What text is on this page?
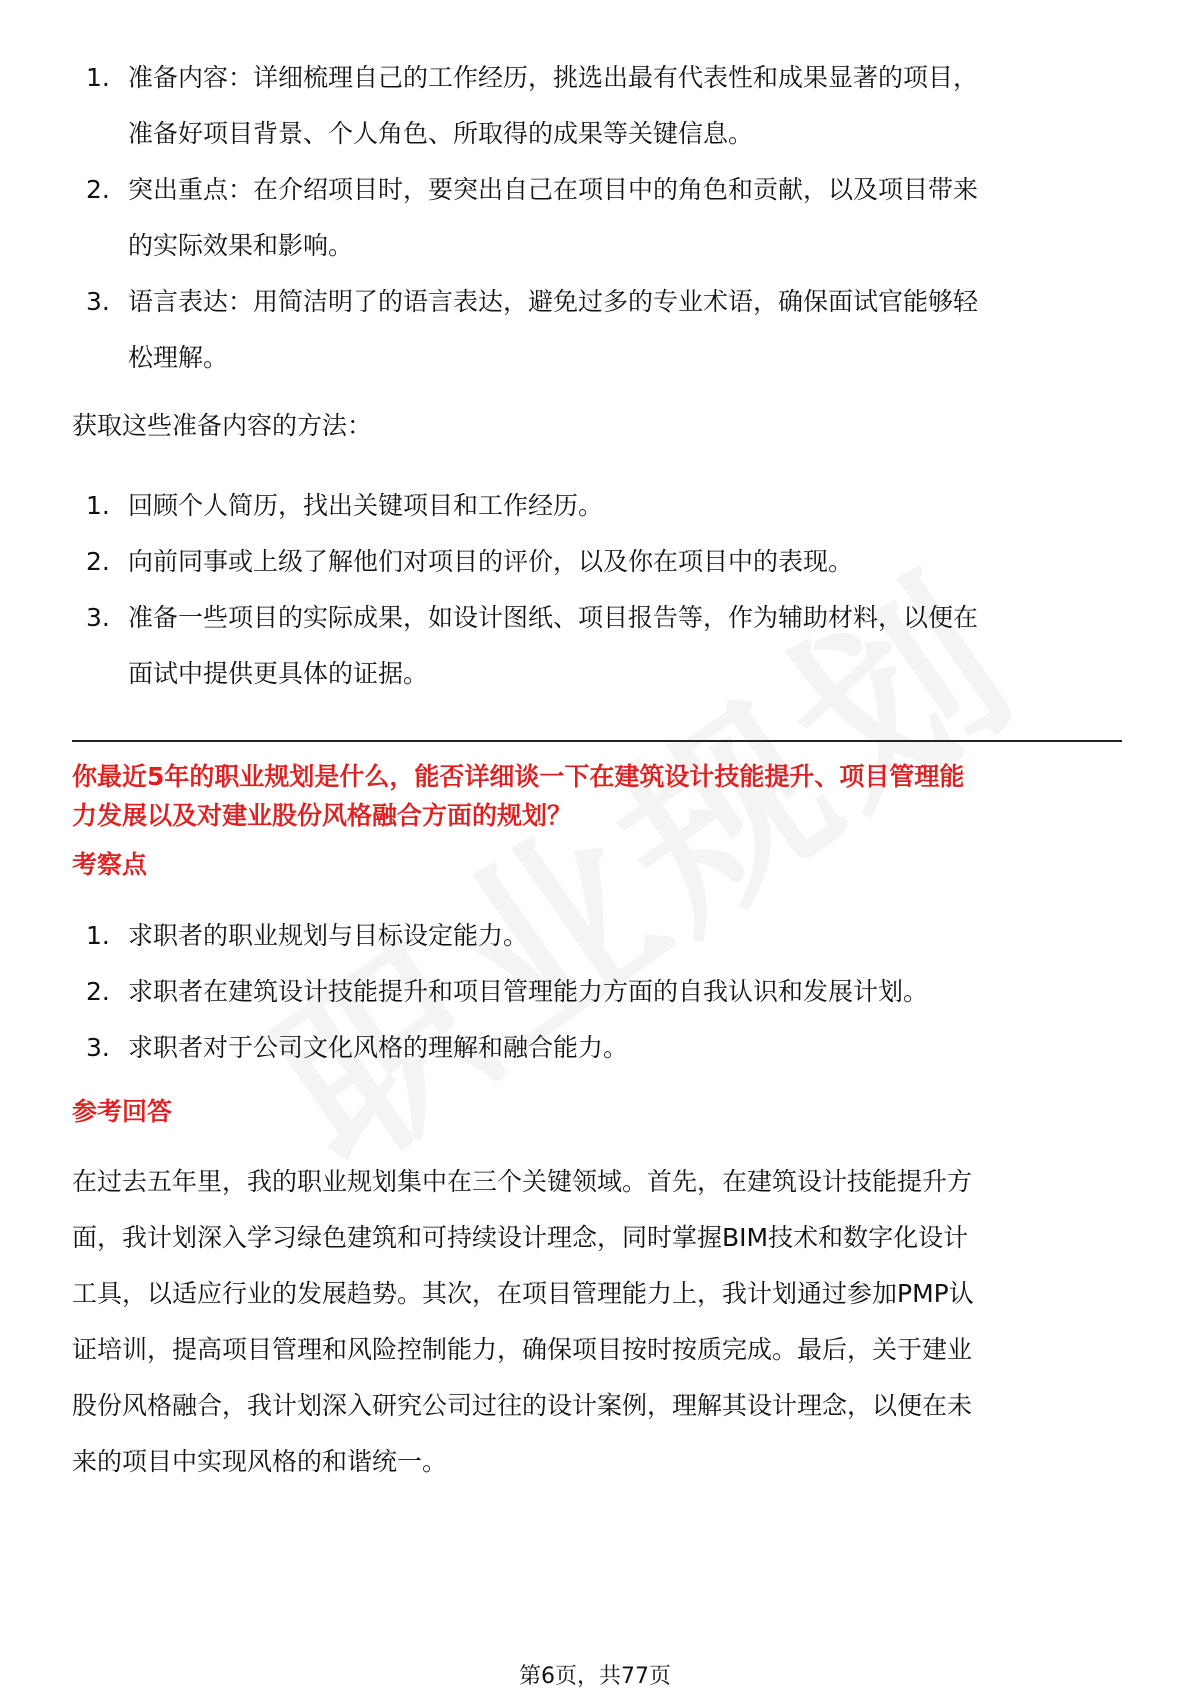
1. 准备内容：详细梳理自己的工作经历，挑选出最有代表性和成果显著的项目，
准备好项目背景、个人角色、所取得的成果等关键信息。
2. 突出重点：在介绍项目时，要突出自己在项目中的角色和贡献，以及项目带来
的实际效果和影响。
3. 语言表达：用简洁明了的语言表达，避免过多的专业术语，确保面试官能够轻
松理解。

获取这些准备内容的方法：

1. 回顾个人简历，找出关键项目和工作经历。
2. 向前同事或上级了解他们对项目的评价，以及你在项目中的表现。
3. 准备一些项目的实际成果，如设计图纸、项目报告等，作为辅助材料，以便在
面试中提供更具体的证据。

你最近5年的职业规划是什么，能否详细谈一下在建筑设计技能提升、项目管理能
力发展以及对建业股份风格融合方面的规划？

考察点

1. 求职者的职业规划与目标设定能力。
2. 求职者在建筑设计技能提升和项目管理能力方面的自我认识和发展计划。
3. 求职者对于公司文化风格的理解和融合能力。

参考回答

在过去五年里，我的职业规划集中在三个关键领域。首先，在建筑设计技能提升方
面，我计划深入学习绿色建筑和可持续设计理念，同时掌握BIM技术和数字化设计
工具，以适应行业的发展趋势。其次，在项目管理能力上，我计划通过参加PMP认
证培训，提高项目管理和风险控制能力，确保项目按时按质完成。最后，关于建业
股份风格融合，我计划深入研究公司过往的设计案例，理解其设计理念，以便在未
来的项目中实现风格的和谐统一。

第6页，共77页
